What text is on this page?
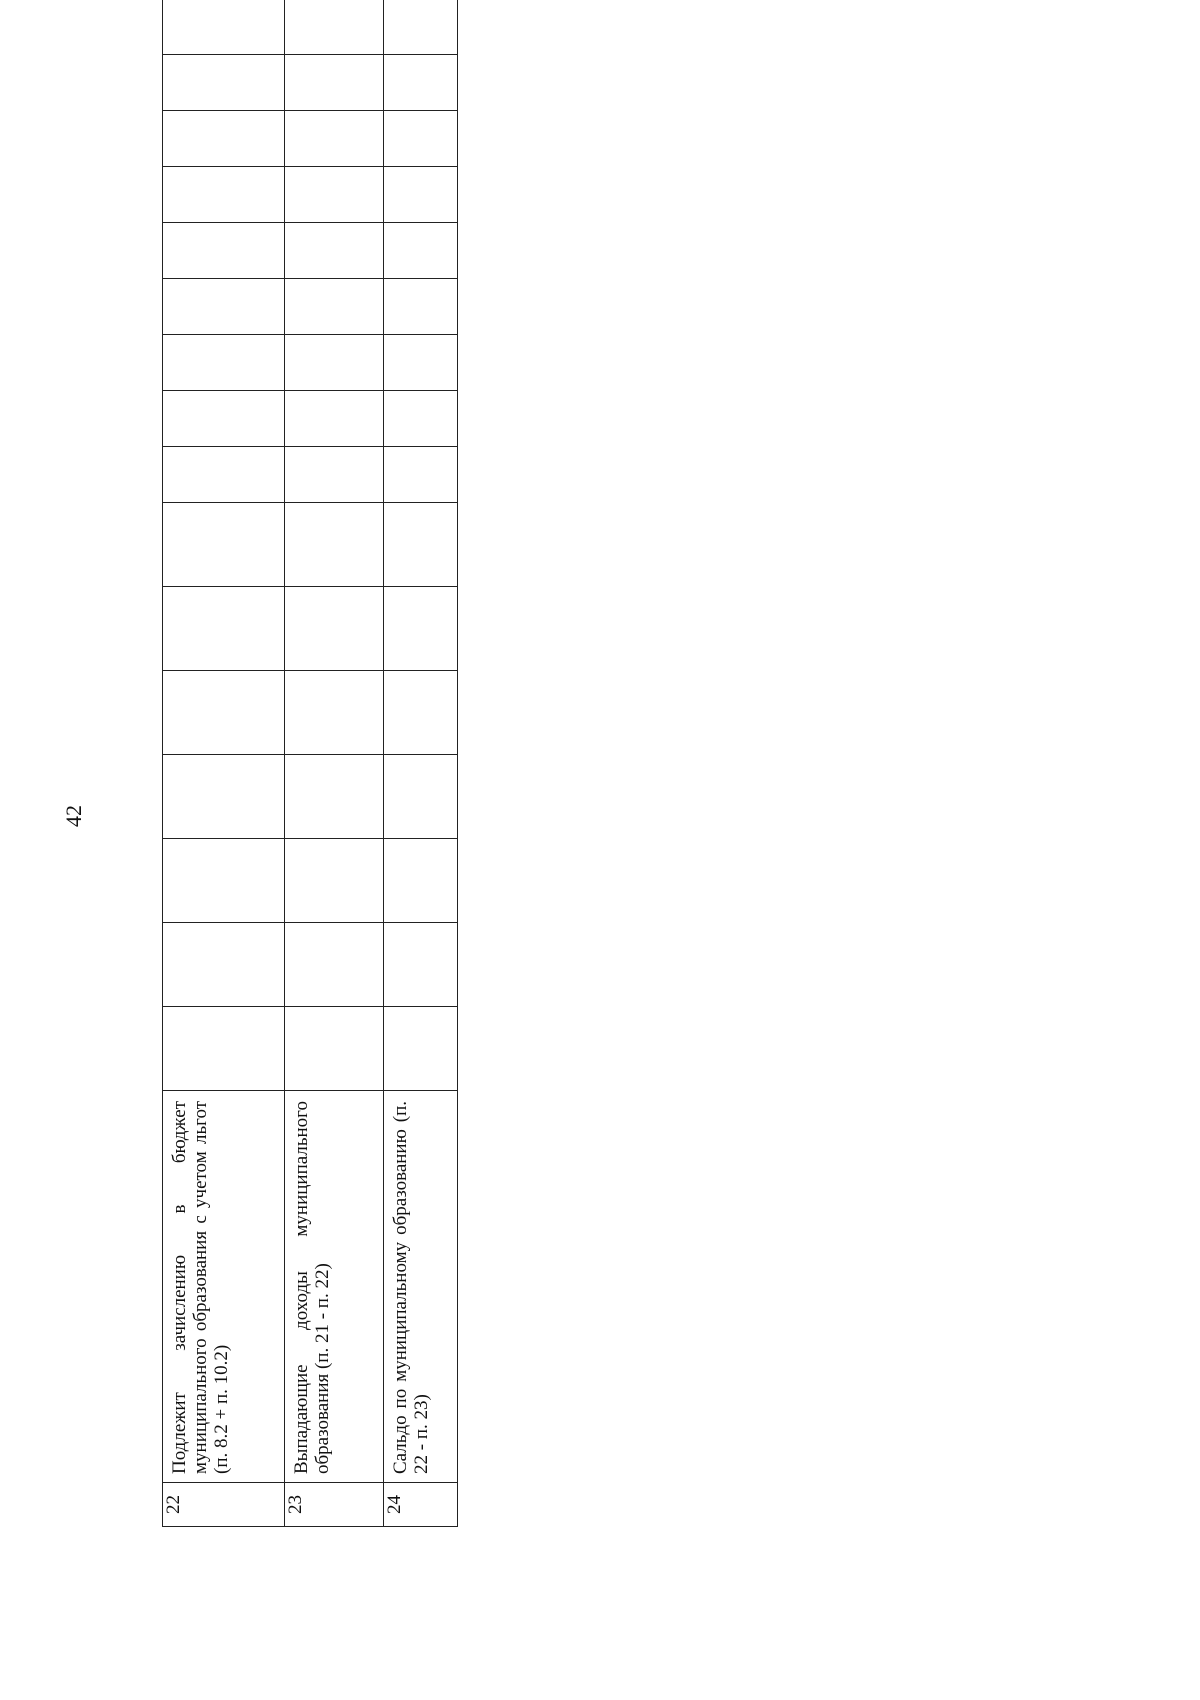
42
22	Подлежит зачислению в бюджет муниципального образования с учетом льгот (п. 8.2 + п. 10.2)																
23	Выпадающие доходы муниципального образования (п. 21 - п. 22)																
24	Сальдо по муниципальному образованию (п. 22 - п. 23)																
